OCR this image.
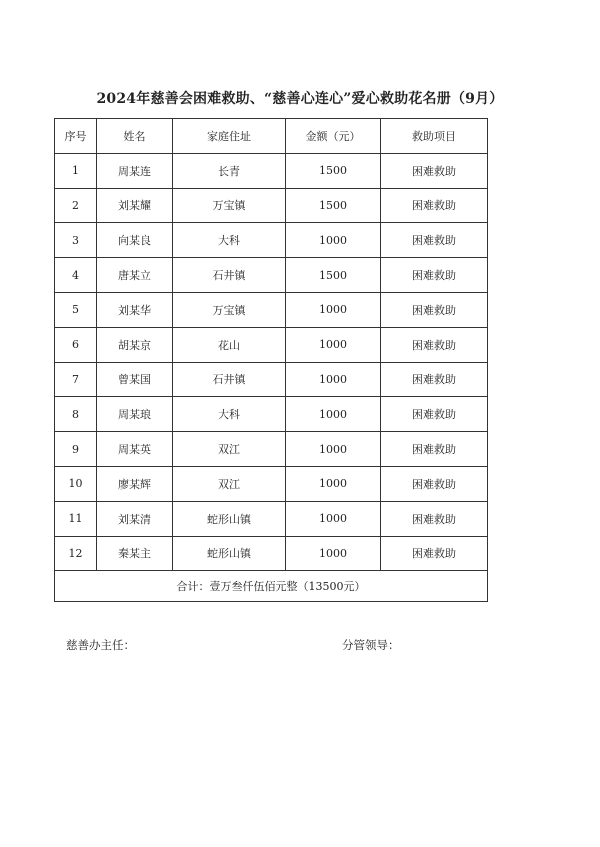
2024年慈善会困难救助、“慈善心连心”爱心救助花名册（9月）
序号	姓名	家庭住址	金额（元）	救助项目
1	周某连	长青	1500	困难救助
2	刘某耀	万宝镇	1500	困难救助
3	向某良	大科	1000	困难救助
4	唐某立	石井镇	1500	困难救助
5	刘某华	万宝镇	1000	困难救助
6	胡某京	花山	1000	困难救助
7	曾某国	石井镇	1000	困难救助
8	周某琅	大科	1000	困难救助
9	周某英	双江	1000	困难救助
10	廖某辉	双江	1000	困难救助
11	刘某清	蛇形山镇	1000	困难救助
12	秦某主	蛇形山镇	1000	困难救助
合计：壹万叁仟伍佰元整（13500元）				
慈善办主任：	分管领导：
